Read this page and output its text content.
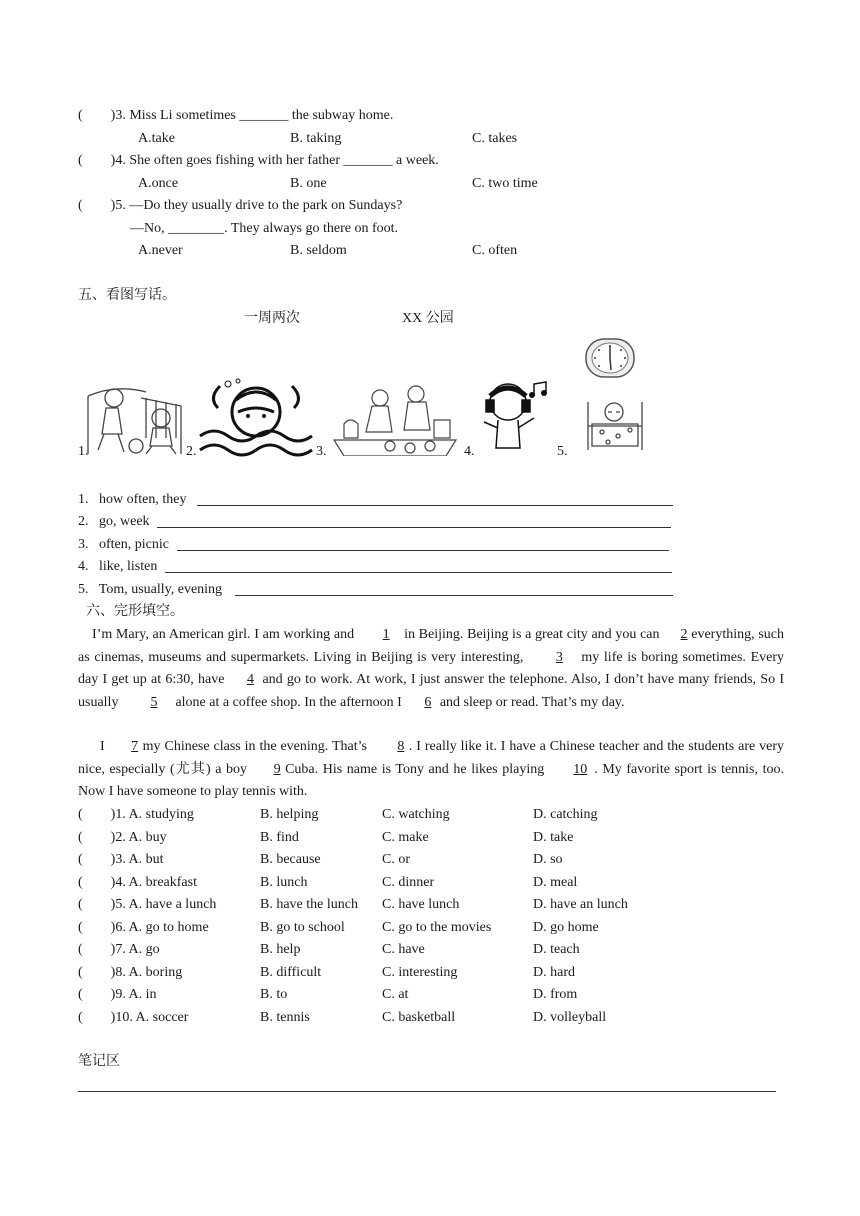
(        )3. Miss Li sometimes _______ the subway home.
A.take	B. taking	C. takes
(        )4. She often goes fishing with her father _______ a week.
A.once	B. one	C. two time
(        )5. —Do they usually drive to the park on Sundays?
—No, ________. They always go there on foot.
A.never	B. seldom	C. often
五、看图写话。
一周两次	XX 公园
1.	2.	3.	4.	5.
1.   how often, they
2.   go, week
3.   often, picnic
4.   like, listen
5.   Tom, usually, evening
六、完形填空。
I’m Mary, an American girl. I am working and 1 in Beijing. Beijing is a great city and you can 2 everything, such as cinemas, museums and supermarkets. Living in Beijing is very interesting, 3 my life is boring sometimes. Every day I get up at 6:30, have 4 and go to work. At work, I just answer the telephone. Also, I don’t have many friends, So I usually 5 alone at a coffee shop. In the afternoon I 6 and sleep or read. That’s my day.
I 7 my Chinese class in the evening. That’s 8 . I really like it. I have a Chinese teacher and the students are very nice, especially (尤其) a boy 9 Cuba. His name is Tony and he likes playing 10 . My favorite sport is tennis, too. Now I have someone to play tennis with.
(        )1. A. studying	B. helping	C. watching	D. catching
(        )2. A. buy	B. find	C. make	D. take
(        )3. A. but	B. because	C. or	D. so
(        )4. A. breakfast	B. lunch	C. dinner	D. meal
(        )5. A. have a lunch	B. have the lunch C. have lunch	D. have an lunch
(        )6. A. go to home	B. go to school	C. go to the movies	D. go home
(        )7. A. go	B. help	C. have	D. teach
(        )8. A. boring	B. difficult	C. interesting	D. hard
(        )9. A. in	B. to	C. at	D. from
(        )10. A. soccer	B. tennis	C. basketball	D. volleyball
笔记区
